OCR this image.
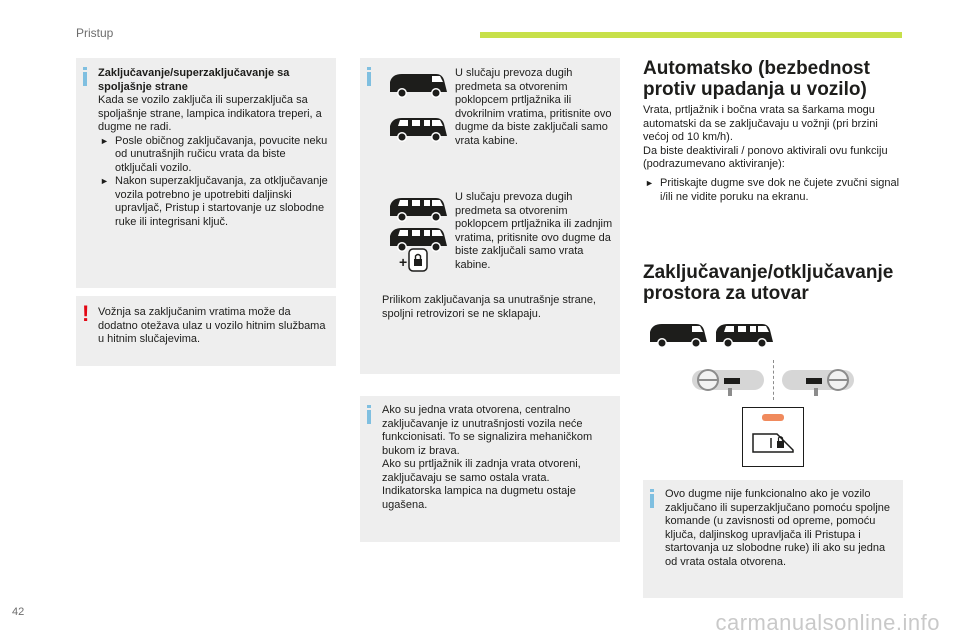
Pristup
Zaključavanje/superzaključavanje sa spoljašnje strane
Kada se vozilo zaključa ili superzaključa sa spoljašnje strane, lampica indikatora treperi, a dugme ne radi.
► Posle običnog zaključavanja, povucite neku od unutrašnjih ručicu vrata da biste otključali vozilo.
► Nakon superzaključavanja, za otključavanje vozila potrebno je upotrebiti daljinski upravljač, Pristup i startovanje uz slobodne ruke ili integrisani ključ.
! Vožnja sa zaključanim vratima može da dodatno otežava ulaz u vozilo hitnim službama u hitnim slučajevima.
U slučaju prevoza dugih predmeta sa otvorenim poklopcem prtljažnika ili dvokrilnim vratima, pritisnite ovo dugme da biste zaključali samo vrata kabine.
+
U slučaju prevoza dugih predmeta sa otvorenim poklopcem prtljažnika ili zadnjim vratima, pritisnite ovo dugme da biste zaključali samo vrata kabine.
Prilikom zaključavanja sa unutrašnje strane, spoljni retrovizori se ne sklapaju.
Ako su jedna vrata otvorena, centralno zaključavanje iz unutrašnjosti vozila neće funkcionisati. To se signalizira mehaničkom bukom iz brava.
Ako su prtljažnik ili zadnja vrata otvoreni, zaključavaju se samo ostala vrata.
Indikatorska lampica na dugmetu ostaje ugašena.
Automatsko (bezbednost protiv upadanja u vozilo)
Vrata, prtljažnik i bočna vrata sa šarkama mogu automatski da se zaključavaju u vožnji (pri brzini većoj od 10 km/h).
Da biste deaktivirali / ponovo aktivirali ovu funkciju (podrazumevano aktiviranje):
► Pritiskajte dugme sve dok ne čujete zvučni signal i/ili ne vidite poruku na ekranu.
Zaključavanje/otključavanje prostora za utovar
Ovo dugme nije funkcionalno ako je vozilo zaključano ili superzaključano pomoću spoljne komande (u zavisnosti od opreme, pomoću ključa, daljinskog upravljača ili Pristupa i startovanja uz slobodne ruke) ili ako su jedna od vrata ostala otvorena.
42	carmanualsonline.info
